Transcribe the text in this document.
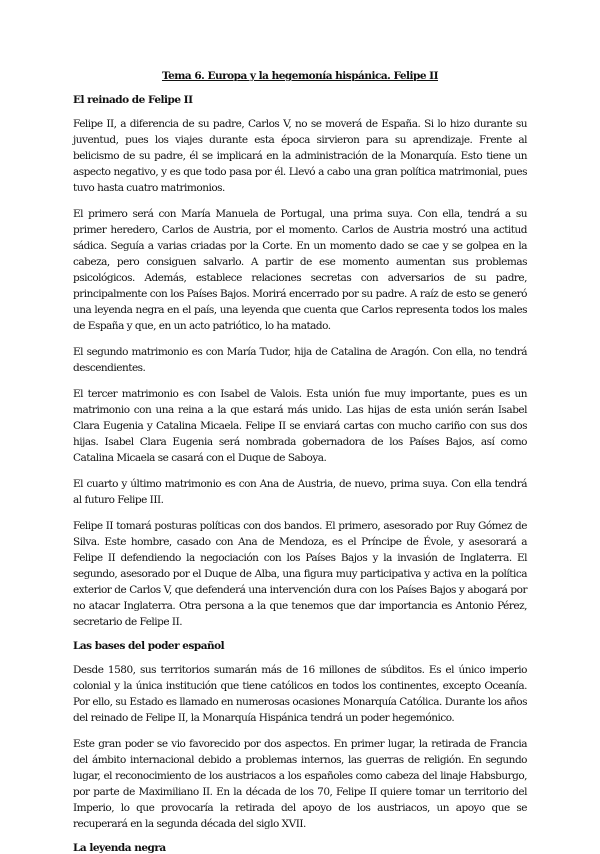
Tema 6. Europa y la hegemonía hispánica. Felipe II
El reinado de Felipe II

Felipe II, a diferencia de su padre, Carlos V, no se moverá de España. Si lo hizo durante su juventud, pues los viajes durante esta época sirvieron para su aprendizaje. Frente al belicismo de su padre, él se implicará en la administración de la Monarquía. Esto tiene un aspecto negativo, y es que todo pasa por él. Llevó a cabo una gran política matrimonial, pues tuvo hasta cuatro matrimonios.

El primero será con María Manuela de Portugal, una prima suya. Con ella, tendrá a su primer heredero, Carlos de Austria, por el momento. Carlos de Austria mostró una actitud sádica. Seguía a varias criadas por la Corte. En un momento dado se cae y se golpea en la cabeza, pero consiguen salvarlo. A partir de ese momento aumentan sus problemas psicológicos. Además, establece relaciones secretas con adversarios de su padre, principalmente con los Países Bajos. Morirá encerrado por su padre. A raíz de esto se generó una leyenda negra en el país, una leyenda que cuenta que Carlos representa todos los males de España y que, en un acto patriótico, lo ha matado.

El segundo matrimonio es con María Tudor, hija de Catalina de Aragón. Con ella, no tendrá descendientes.

El tercer matrimonio es con Isabel de Valois. Esta unión fue muy importante, pues es un matrimonio con una reina a la que estará más unido. Las hijas de esta unión serán Isabel Clara Eugenia y Catalina Micaela. Felipe II se enviará cartas con mucho cariño con sus dos hijas. Isabel Clara Eugenia será nombrada gobernadora de los Países Bajos, así como Catalina Micaela se casará con el Duque de Saboya.

El cuarto y último matrimonio es con Ana de Austria, de nuevo, prima suya. Con ella tendrá al futuro Felipe III.

Felipe II tomará posturas políticas con dos bandos. El primero, asesorado por Ruy Gómez de Silva. Este hombre, casado con Ana de Mendoza, es el Príncipe de Évole, y asesorará a Felipe II defendiendo la negociación con los Países Bajos y la invasión de Inglaterra. El segundo, asesorado por el Duque de Alba, una figura muy participativa y activa en la política exterior de Carlos V, que defenderá una intervención dura con los Países Bajos y abogará por no atacar Inglaterra. Otra persona a la que tenemos que dar importancia es Antonio Pérez, secretario de Felipe II.

Las bases del poder español

Desde 1580, sus territorios sumarán más de 16 millones de súbditos. Es el único imperio colonial y la única institución que tiene católicos en todos los continentes, excepto Oceanía. Por ello, su Estado es llamado en numerosas ocasiones Monarquía Católica. Durante los años del reinado de Felipe II, la Monarquía Hispánica tendrá un poder hegemónico.

Este gran poder se vio favorecido por dos aspectos. En primer lugar, la retirada de Francia del ámbito internacional debido a problemas internos, las guerras de religión. En segundo lugar, el reconocimiento de los austriacos a los españoles como cabeza del linaje Habsburgo, por parte de Maximiliano II. En la década de los 70, Felipe II quiere tomar un territorio del Imperio, lo que provocaría la retirada del apoyo de los austriacos, un apoyo que se recuperará en la segunda década del siglo XVII.

La leyenda negra
